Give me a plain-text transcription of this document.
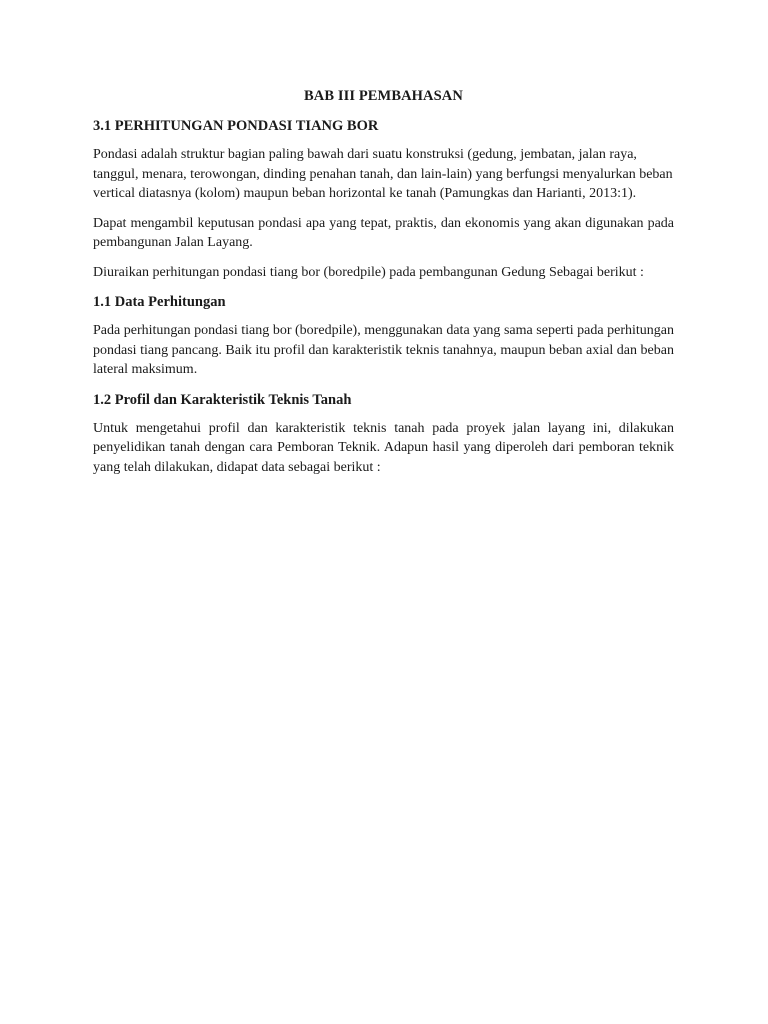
BAB III PEMBAHASAN
3.1 PERHITUNGAN PONDASI TIANG BOR

Pondasi adalah struktur bagian paling bawah dari suatu konstruksi (gedung, jembatan, jalan raya, tanggul, menara, terowongan, dinding penahan tanah, dan lain-lain) yang berfungsi menyalurkan beban vertical diatasnya (kolom) maupun beban horizontal ke tanah (Pamungkas dan Harianti, 2013:1).

Dapat mengambil keputusan pondasi apa yang tepat, praktis, dan ekonomis yang akan digunakan pada pembangunan Jalan Layang.

Diuraikan perhitungan pondasi tiang bor (boredpile) pada pembangunan Gedung Sebagai berikut :

1.1 Data Perhitungan

Pada perhitungan pondasi tiang bor (boredpile), menggunakan data yang sama seperti pada perhitungan pondasi tiang pancang. Baik itu profil dan karakteristik teknis tanahnya, maupun beban axial dan beban lateral maksimum.

1.2 Profil dan Karakteristik Teknis Tanah

Untuk mengetahui profil dan karakteristik teknis tanah pada proyek jalan layang ini, dilakukan penyelidikan tanah dengan cara Pemboran Teknik. Adapun hasil yang diperoleh dari pemboran teknik yang telah dilakukan, didapat data sebagai berikut :
